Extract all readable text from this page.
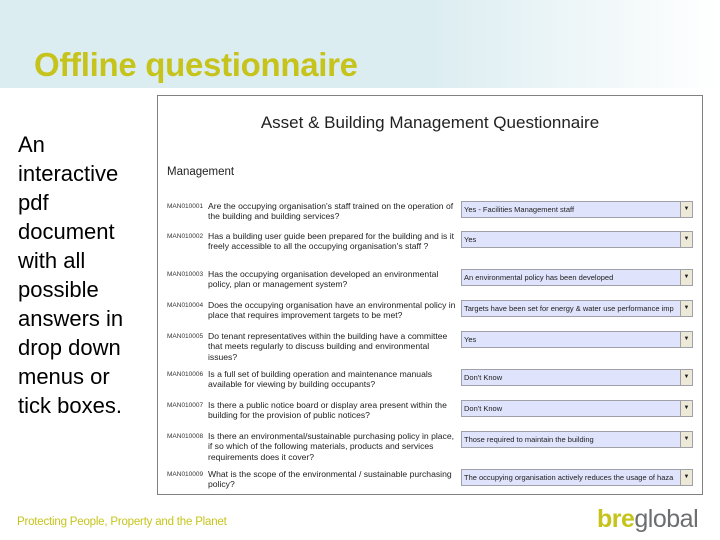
Offline questionnaire
An interactive pdf document with all possible answers in drop down menus or tick boxes.
Asset & Building Management Questionnaire
Management
MAN010001 Are the occupying organisation's staff trained on the operation of the building and building services?
Yes - Facilities Management staff	▼
MAN010002 Has a building user guide been prepared for the building and is it freely accessible to all the occupying organisation's staff ?
Yes	▼
MAN010003 Has the occupying organisation developed an environmental policy, plan or management system?
An environmental policy has been developed	▼
MAN010004 Does the occupying organisation have an environmental policy in place that requires improvement targets to be met?
Targets have been set for energy & water use performance imp	▼
MAN010005 Do tenant representatives within the building have a committee that meets regularly to discuss building and environmental issues?
Yes	▼
MAN010006 Is a full set of building operation and maintenance manuals available for viewing by building occupants?
Don't Know	▼
MAN010007 Is there a public notice board or display area present within the building for the provision of public notices?
Don't Know	▼
MAN010008 Is there an environmental/sustainable purchasing policy in place, if so which of the following materials, products and services requirements does it cover?
Those required to maintain the building	▼
MAN010009 What is the scope of the environmental / sustainable purchasing policy?
The occupying organisation actively reduces the usage of haza	▼
Protecting People, Property and the Planet	breglobal
